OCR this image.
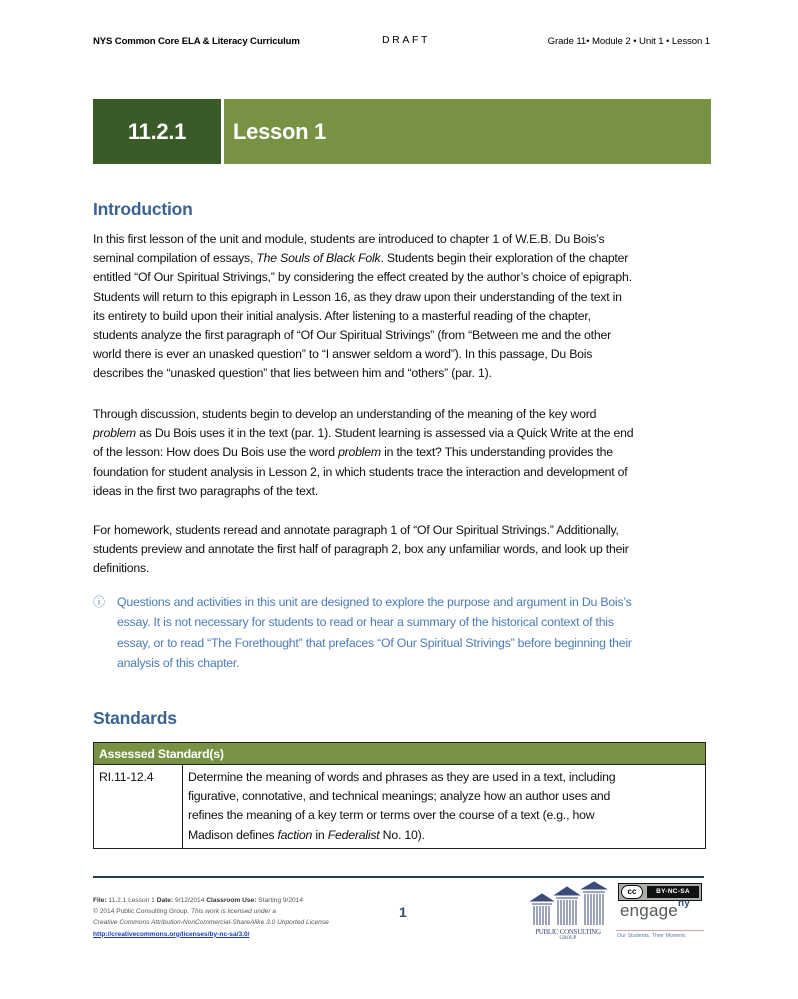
NYS Common Core ELA & Literacy Curriculum	DRAFT	Grade 11• Module 2 • Unit 1 • Lesson 1
11.2.1	Lesson 1
Introduction
In this first lesson of the unit and module, students are introduced to chapter 1 of W.E.B. Du Bois’s
seminal compilation of essays, The Souls of Black Folk. Students begin their exploration of the chapter
entitled “Of Our Spiritual Strivings,” by considering the effect created by the author’s choice of epigraph.
Students will return to this epigraph in Lesson 16, as they draw upon their understanding of the text in
its entirety to build upon their initial analysis. After listening to a masterful reading of the chapter,
students analyze the first paragraph of “Of Our Spiritual Strivings” (from “Between me and the other
world there is ever an unasked question” to “I answer seldom a word”). In this passage, Du Bois
describes the “unasked question” that lies between him and “others” (par. 1).
Through discussion, students begin to develop an understanding of the meaning of the key word
problem as Du Bois uses it in the text (par. 1). Student learning is assessed via a Quick Write at the end
of the lesson: How does Du Bois use the word problem in the text? This understanding provides the
foundation for student analysis in Lesson 2, in which students trace the interaction and development of
ideas in the first two paragraphs of the text.
For homework, students reread and annotate paragraph 1 of “Of Our Spiritual Strivings.” Additionally,
students preview and annotate the first half of paragraph 2, box any unfamiliar words, and look up their
definitions.
ⓘ Questions and activities in this unit are designed to explore the purpose and argument in Du Bois’s
essay. It is not necessary for students to read or hear a summary of the historical context of this
essay, or to read “The Forethought” that prefaces “Of Our Spiritual Strivings” before beginning their
analysis of this chapter.
Standards
Assessed Standard(s)
RI.11-12.4	Determine the meaning of words and phrases as they are used in a text, including
figurative, connotative, and technical meanings; analyze how an author uses and
refines the meaning of a key term or terms over the course of a text (e.g., how
Madison defines faction in Federalist No. 10).
File: 11.2.1 Lesson 1 Date: 9/12/2014 Classroom Use: Starting 9/2014
© 2014 Public Consulting Group. This work is licensed under a
Creative Commons Attribution-NonCommercial-ShareAlike 3.0 Unported License
http://creativecommons.org/licenses/by-nc-sa/3.0/
1
PUBLIC CONSULTING
GROUP
cc	BY-NC-SA
engage$^{ny}$
Our Students. Their Moment.
